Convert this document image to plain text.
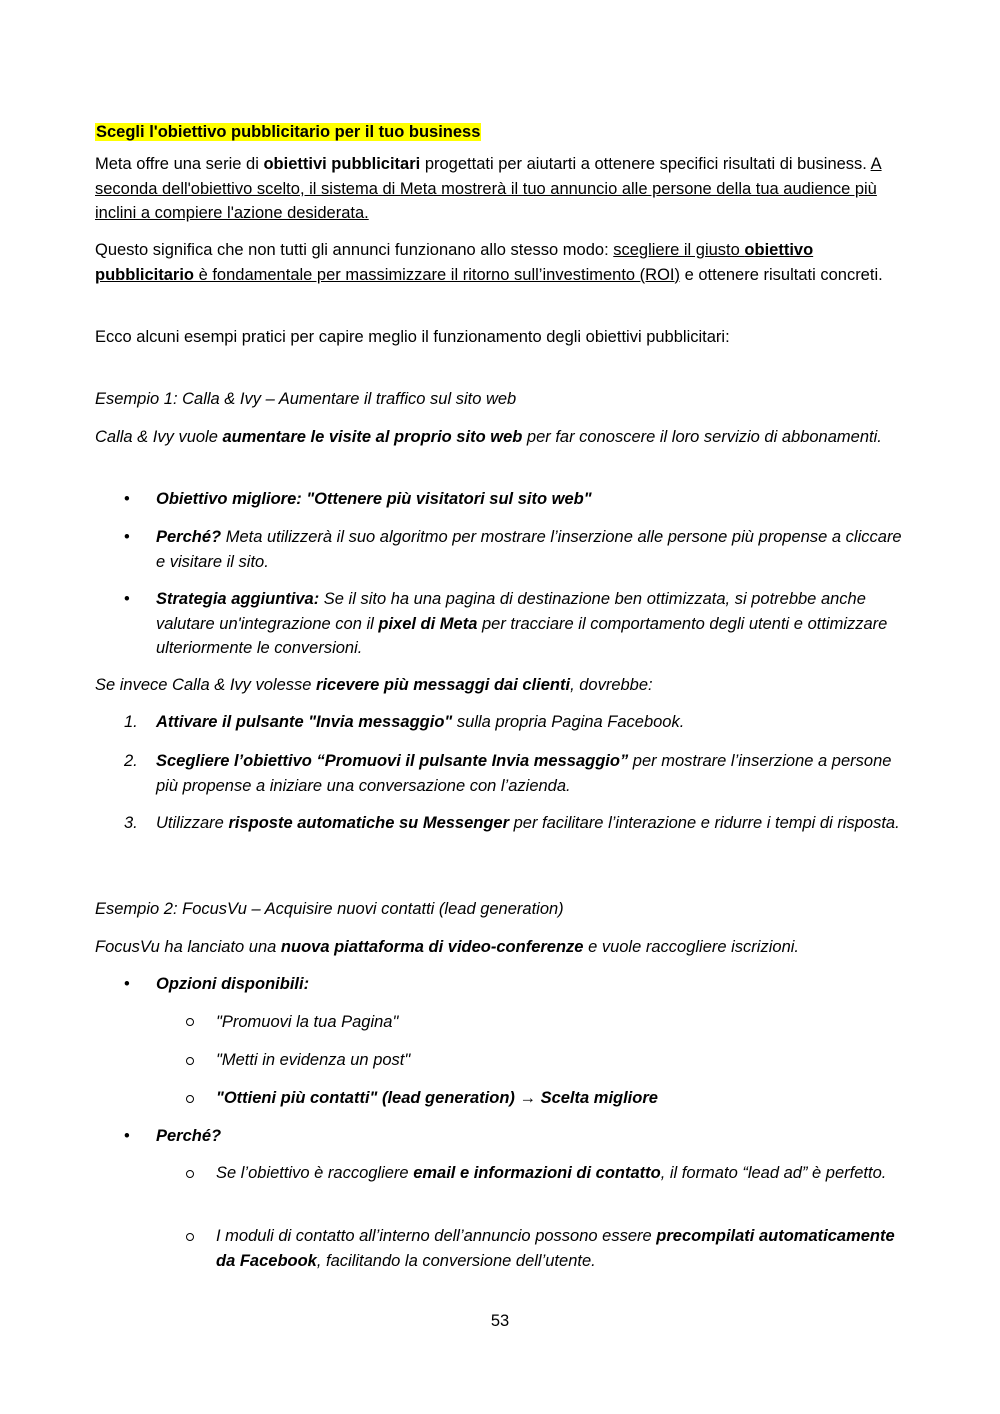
Scegli l'obiettivo pubblicitario per il tuo business
Meta offre una serie di obiettivi pubblicitari progettati per aiutarti a ottenere specifici risultati di business. A seconda dell'obiettivo scelto, il sistema di Meta mostrerà il tuo annuncio alle persone della tua audience più inclini a compiere l'azione desiderata.
Questo significa che non tutti gli annunci funzionano allo stesso modo: scegliere il giusto obiettivo pubblicitario è fondamentale per massimizzare il ritorno sull’investimento (ROI) e ottenere risultati concreti.
Ecco alcuni esempi pratici per capire meglio il funzionamento degli obiettivi pubblicitari:
Esempio 1: Calla & Ivy – Aumentare il traffico sul sito web
Calla & Ivy vuole aumentare le visite al proprio sito web per far conoscere il loro servizio di abbonamenti.
• Obiettivo migliore: "Ottenere più visitatori sul sito web"
• Perché? Meta utilizzerà il suo algoritmo per mostrare l’inserzione alle persone più propense a cliccare e visitare il sito.
• Strategia aggiuntiva: Se il sito ha una pagina di destinazione ben ottimizzata, si potrebbe anche valutare un'integrazione con il pixel di Meta per tracciare il comportamento degli utenti e ottimizzare ulteriormente le conversioni.
Se invece Calla & Ivy volesse ricevere più messaggi dai clienti, dovrebbe:
1. Attivare il pulsante "Invia messaggio" sulla propria Pagina Facebook.
2. Scegliere l’obiettivo “Promuovi il pulsante Invia messaggio” per mostrare l’inserzione a persone più propense a iniziare una conversazione con l’azienda.
3. Utilizzare risposte automatiche su Messenger per facilitare l’interazione e ridurre i tempi di risposta.
Esempio 2: FocusVu – Acquisire nuovi contatti (lead generation)
FocusVu ha lanciato una nuova piattaforma di video-conferenze e vuole raccogliere iscrizioni.
• Opzioni disponibili:
"Promuovi la tua Pagina"
"Metti in evidenza un post"
"Ottieni più contatti" (lead generation) → Scelta migliore
• Perché?
Se l’obiettivo è raccogliere email e informazioni di contatto, il formato “lead ad” è perfetto.
I moduli di contatto all’interno dell’annuncio possono essere precompilati automaticamente da Facebook, facilitando la conversione dell’utente.
53
